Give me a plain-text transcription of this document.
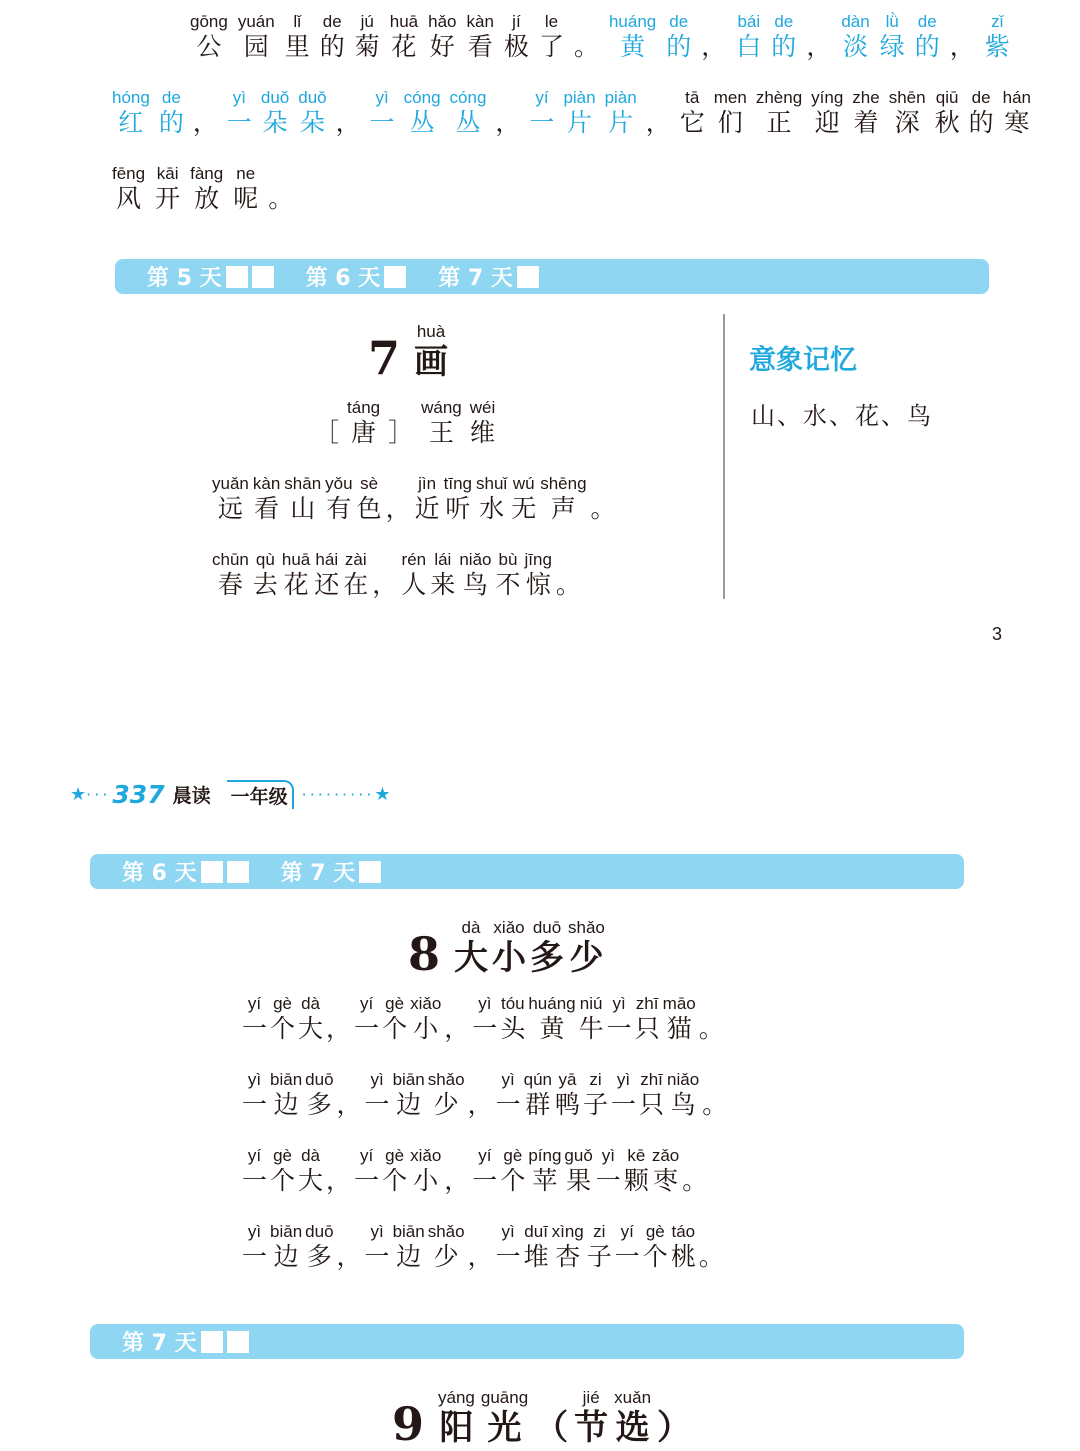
gōng
公
yuán
园
lǐ
里
de
的
jú
菊
huā
花
hǎo
好
kàn
看
jí
极
le
了 。
huáng
黄
de
的 ，
bái
白
de
的 ，
dàn
淡
lǜ
绿
de
的 ，
zǐ
紫
hóng
红
de
的 ，
yì
一
duǒ
朵
duǒ
朵 ，
yì
一
cóng
丛
cóng
丛 ，
yí
一
piàn
片
piàn
片 ，
tā
它
men
们
zhèng
正
yíng
迎
zhe
着
shēn
深
qiū
秋
de
的
hán
寒
fēng
风
kāi
开
fàng
放
ne
呢 。
第 5 天	第 6 天	第 7 天
7 huà
画
［
táng
唐 ］
wáng
王
wéi
维
yuǎn
远
kàn
看
shān
山
yǒu
有
sè
色 ，
jìn
近
tīng
听
shuǐ
水
wú
无
shēng
声 。
chūn
春
qù
去
huā
花
hái
还
zài
在 ，
rén
人
lái
来
niǎo
鸟
bù
不
jīng
惊 。
意象记忆
山、水、花、鸟
3
★ ··· 337 晨读 一年级 ········· ★
第 6 天	第 7 天
8 dà
大
xiǎo
小
duō
多
shǎo
少
yí
一
gè
个
dà
大 ，
yí
一
gè
个
xiǎo
小 ，
yì
一
tóu
头
huáng
黄
niú
牛
yì
一
zhī
只
māo
猫 。
yì
一
biān
边
duō
多 ，
yì
一
biān
边
shǎo
少 ，
yì
一
qún
群
yā
鸭
zi
子
yì
一
zhī
只
niǎo
鸟 。
yí
一
gè
个
dà
大 ，
yí
一
gè
个
xiǎo
小 ，
yí
一
gè
个
píng
苹
guǒ
果
yì
一
kē
颗
zǎo
枣 。
yì
一
biān
边
duō
多 ，
yì
一
biān
边
shǎo
少 ，
yì
一
duī
堆
xìng
杏
zi
子
yí
一
gè
个
táo
桃 。
第 7 天
9 yáng
阳
guāng
光 （
jié
节
xuǎn
选 ）
